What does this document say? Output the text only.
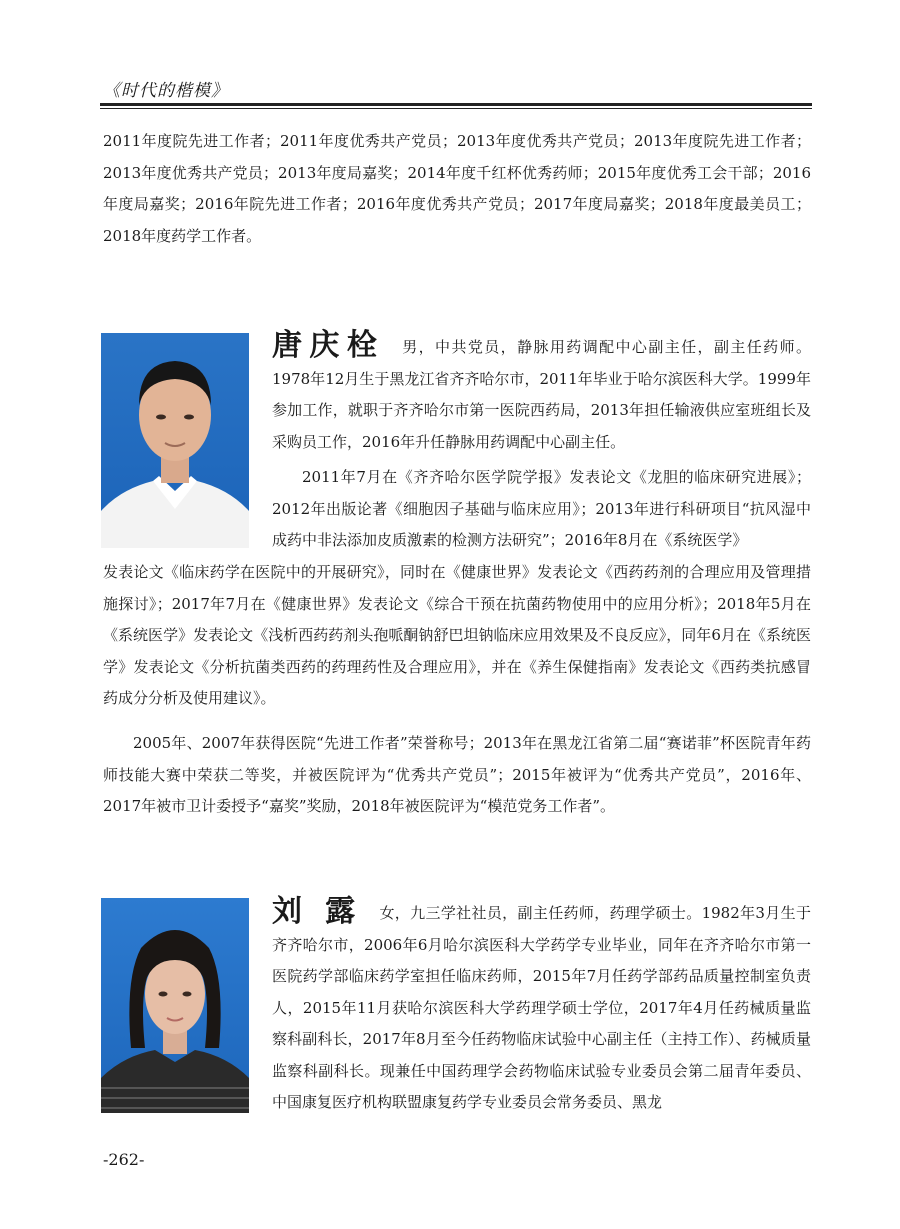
《时代的楷模》

2011年度院先进工作者；2011年度优秀共产党员；2013年度优秀共产党员；2013年度院先进工作者；2013年度优秀共产党员；2013年度局嘉奖；2014年度千红杯优秀药师；2015年度优秀工会干部；2016年度局嘉奖；2016年院先进工作者；2016年度优秀共产党员；2017年度局嘉奖；2018年度最美员工；2018年度药学工作者。

唐庆栓 男，中共党员，静脉用药调配中心副主任，副主任药师。1978年12月生于黑龙江省齐齐哈尔市，2011年毕业于哈尔滨医科大学。1999年参加工作，就职于齐齐哈尔市第一医院西药局，2013年担任输液供应室班组长及采购员工作，2016年升任静脉用药调配中心副主任。

2011年7月在《齐齐哈尔医学院学报》发表论文《龙胆的临床研究进展》；2012年出版论著《细胞因子基础与临床应用》；2013年进行科研项目“抗风湿中成药中非法添加皮质激素的检测方法研究”；2016年8月在《系统医学》

发表论文《临床药学在医院中的开展研究》，同时在《健康世界》发表论文《西药药剂的合理应用及管理措施探讨》；2017年7月在《健康世界》发表论文《综合干预在抗菌药物使用中的应用分析》；2018年5月在《系统医学》发表论文《浅析西药药剂头孢哌酮钠舒巴坦钠临床应用效果及不良反应》，同年6月在《系统医学》发表论文《分析抗菌类西药的药理药性及合理应用》，并在《养生保健指南》发表论文《西药类抗感冒药成分分析及使用建议》。

2005年、2007年获得医院“先进工作者”荣誉称号；2013年在黑龙江省第二届“赛诺菲”杯医院青年药师技能大赛中荣获二等奖，并被医院评为“优秀共产党员”；2015年被评为“优秀共产党员”，2016年、2017年被市卫计委授予“嘉奖”奖励，2018年被医院评为“模范党务工作者”。

刘 露 女，九三学社社员，副主任药师，药理学硕士。1982年3月生于齐齐哈尔市，2006年6月哈尔滨医科大学药学专业毕业，同年在齐齐哈尔市第一医院药学部临床药学室担任临床药师，2015年7月任药学部药品质量控制室负责人，2015年11月获哈尔滨医科大学药理学硕士学位，2017年4月任药械质量监察科副科长，2017年8月至今任药物临床试验中心副主任（主持工作）、药械质量监察科副科长。现兼任中国药理学会药物临床试验专业委员会第二届青年委员、中国康复医疗机构联盟康复药学专业委员会常务委员、黑龙

-262-
